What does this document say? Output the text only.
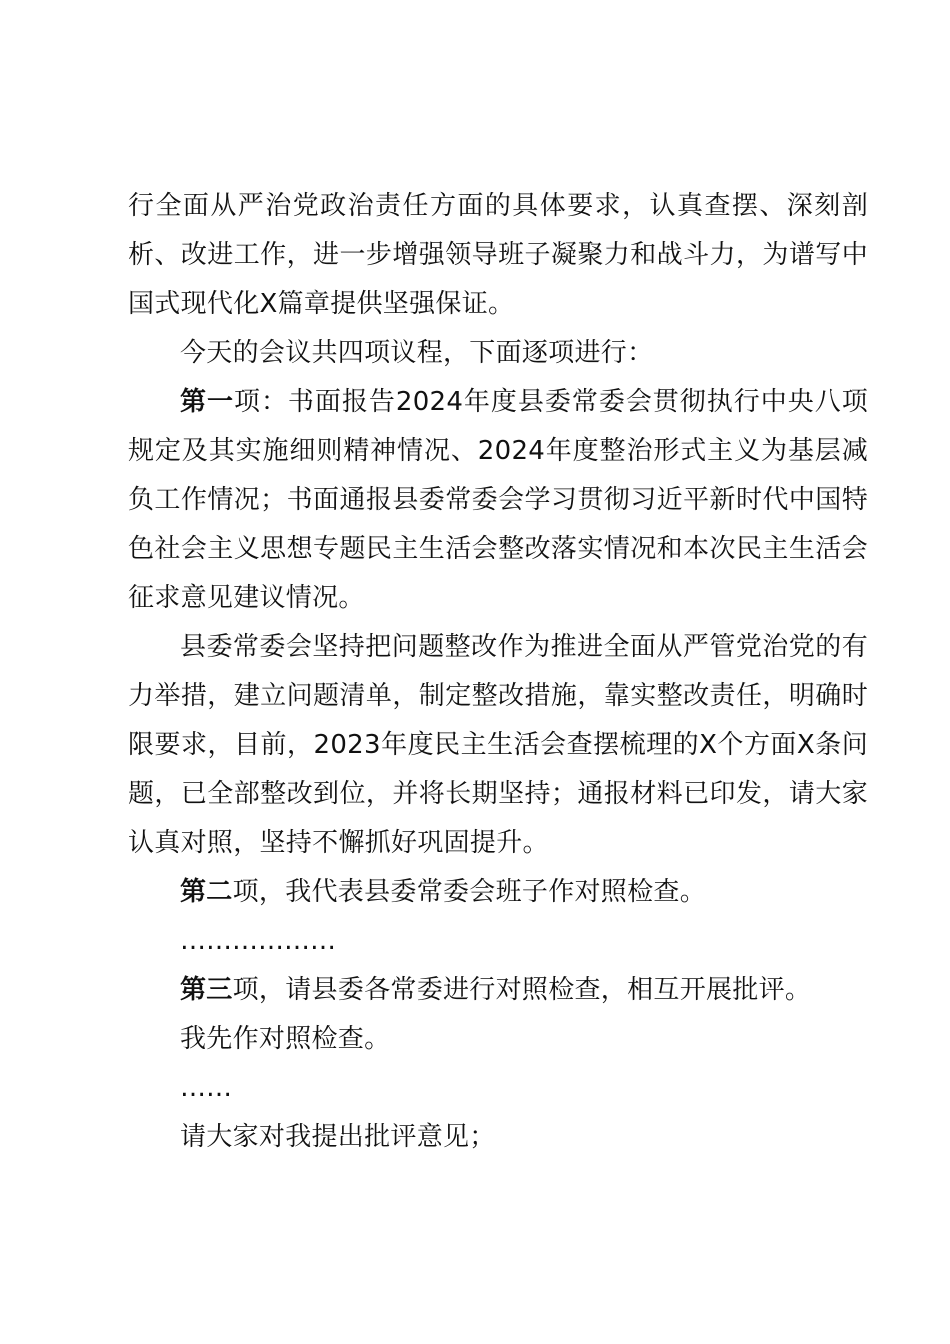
行全面从严治党政治责任方面的具体要求，认真查摆、深刻剖析、改进工作，进一步增强领导班子凝聚力和战斗力，为谱写中国式现代化X篇章提供坚强保证。

今天的会议共四项议程，下面逐项进行：

第一项：书面报告2024年度县委常委会贯彻执行中央八项规定及其实施细则精神情况、2024年度整治形式主义为基层减负工作情况；书面通报县委常委会学习贯彻习近平新时代中国特色社会主义思想专题民主生活会整改落实情况和本次民主生活会征求意见建议情况。

县委常委会坚持把问题整改作为推进全面从严管党治党的有力举措，建立问题清单，制定整改措施，靠实整改责任，明确时限要求，目前，2023年度民主生活会查摆梳理的X个方面X条问题，已全部整改到位，并将长期坚持；通报材料已印发，请大家认真对照，坚持不懈抓好巩固提升。

第二项，我代表县委常委会班子作对照检查。

………………

第三项，请县委各常委进行对照检查，相互开展批评。

我先作对照检查。

……

请大家对我提出批评意见；
